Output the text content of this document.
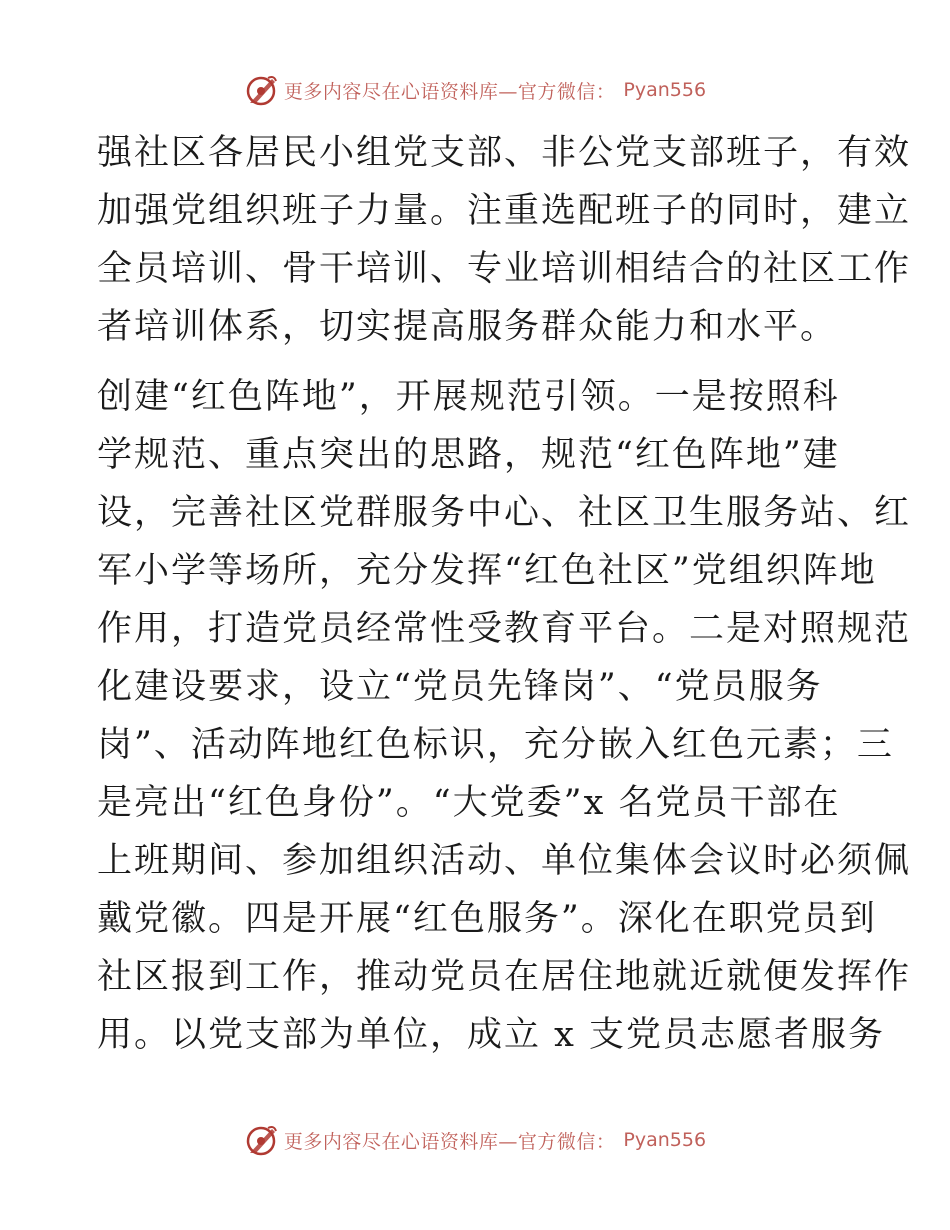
更多内容尽在心语资料库—官方微信： Pyan556
强社区各居民小组党支部、非公党支部班子，有效
加强党组织班子力量。注重选配班子的同时，建立
全员培训、骨干培训、专业培训相结合的社区工作
者培训体系，切实提高服务群众能力和水平。
创建“红色阵地”，开展规范引领。一是按照科
学规范、重点突出的思路，规范“红色阵地”建
设，完善社区党群服务中心、社区卫生服务站、红
军小学等场所，充分发挥“红色社区”党组织阵地
作用，打造党员经常性受教育平台。二是对照规范
化建设要求，设立“党员先锋岗”、“党员服务
岗”、活动阵地红色标识，充分嵌入红色元素；三
是亮出“红色身份”。“大党委”x 名党员干部在
上班期间、参加组织活动、单位集体会议时必须佩
戴党徽。四是开展“红色服务”。深化在职党员到
社区报到工作，推动党员在居住地就近就便发挥作
用。以党支部为单位，成立 x 支党员志愿者服务
更多内容尽在心语资料库—官方微信： Pyan556
